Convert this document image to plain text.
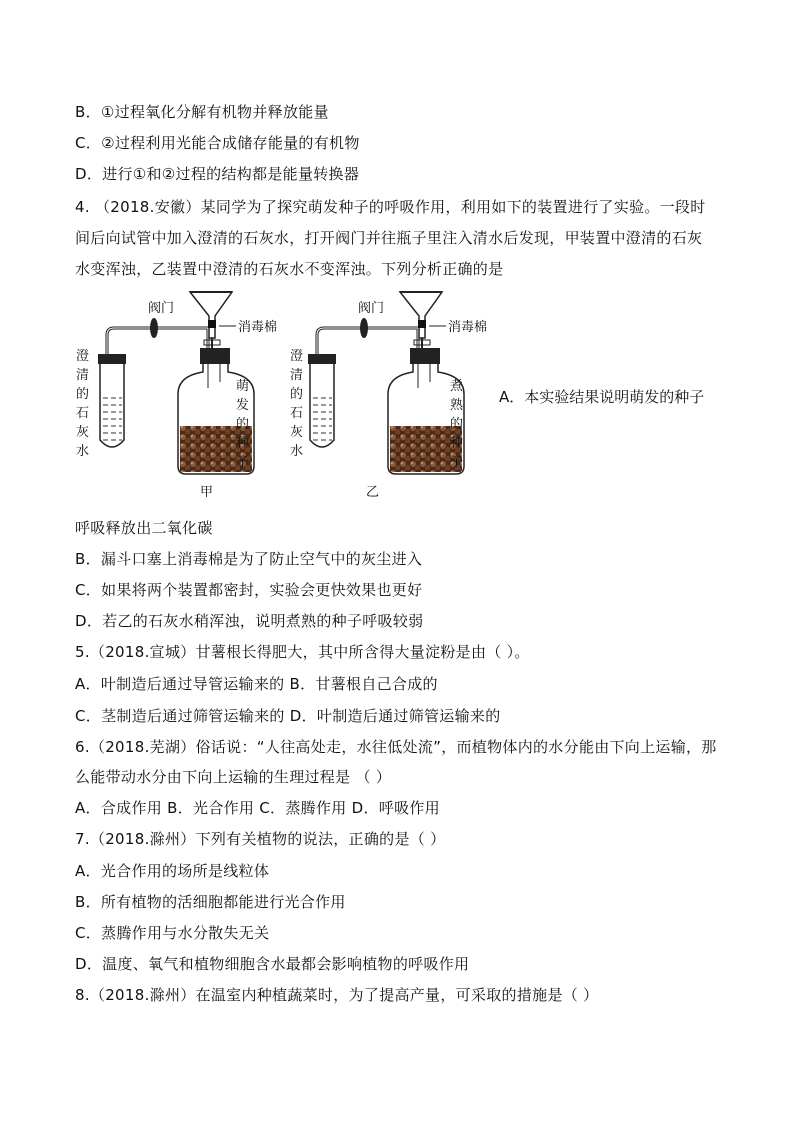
B．①过程氧化分解有机物并释放能量
C．②过程利用光能合成储存能量的有机物
D．进行①和②过程的结构都是能量转换器
4. （2018.安徽）某同学为了探究萌发种子的呼吸作用，利用如下的装置进行了实验。一段时
间后向试管中加入澄清的石灰水，打开阀门并往瓶子里注入清水后发现，甲装置中澄清的石灰
水变浑浊，乙装置中澄清的石灰水不变浑浊。下列分析正确的是
阀门
消毒棉
澄
清
的
石
灰
水
萌
发
的
种
子
甲
阀门
消毒棉
澄
清
的
石
灰
水
煮
熟
的
种
子
乙
A．本实验结果说明萌发的种子
呼吸释放出二氧化碳
B．漏斗口塞上消毒棉是为了防止空气中的灰尘进入
C．如果将两个装置都密封，实验会更快效果也更好
D．若乙的石灰水稍浑浊，说明煮熟的种子呼吸较弱
5.（2018.宣城）甘薯根长得肥大，其中所含得大量淀粉是由（ ）。
A．叶制造后通过导管运输来的 B．甘薯根自己合成的
C．茎制造后通过筛管运输来的 D．叶制造后通过筛管运输来的
6.（2018.芜湖）俗话说：“人往高处走，水往低处流”，而植物体内的水分能由下向上运输，那
么能带动水分由下向上运输的生理过程是 （ ）
A．合成作用 B．光合作用 C．蒸腾作用 D．呼吸作用
7.（2018.滁州）下列有关植物的说法，正确的是（ ）
A．光合作用的场所是线粒体
B．所有植物的活细胞都能进行光合作用
C．蒸腾作用与水分散失无关
D．温度、氧气和植物细胞含水最都会影响植物的呼吸作用
8.（2018.滁州）在温室内种植蔬菜时，为了提高产量，可采取的措施是（ ）
